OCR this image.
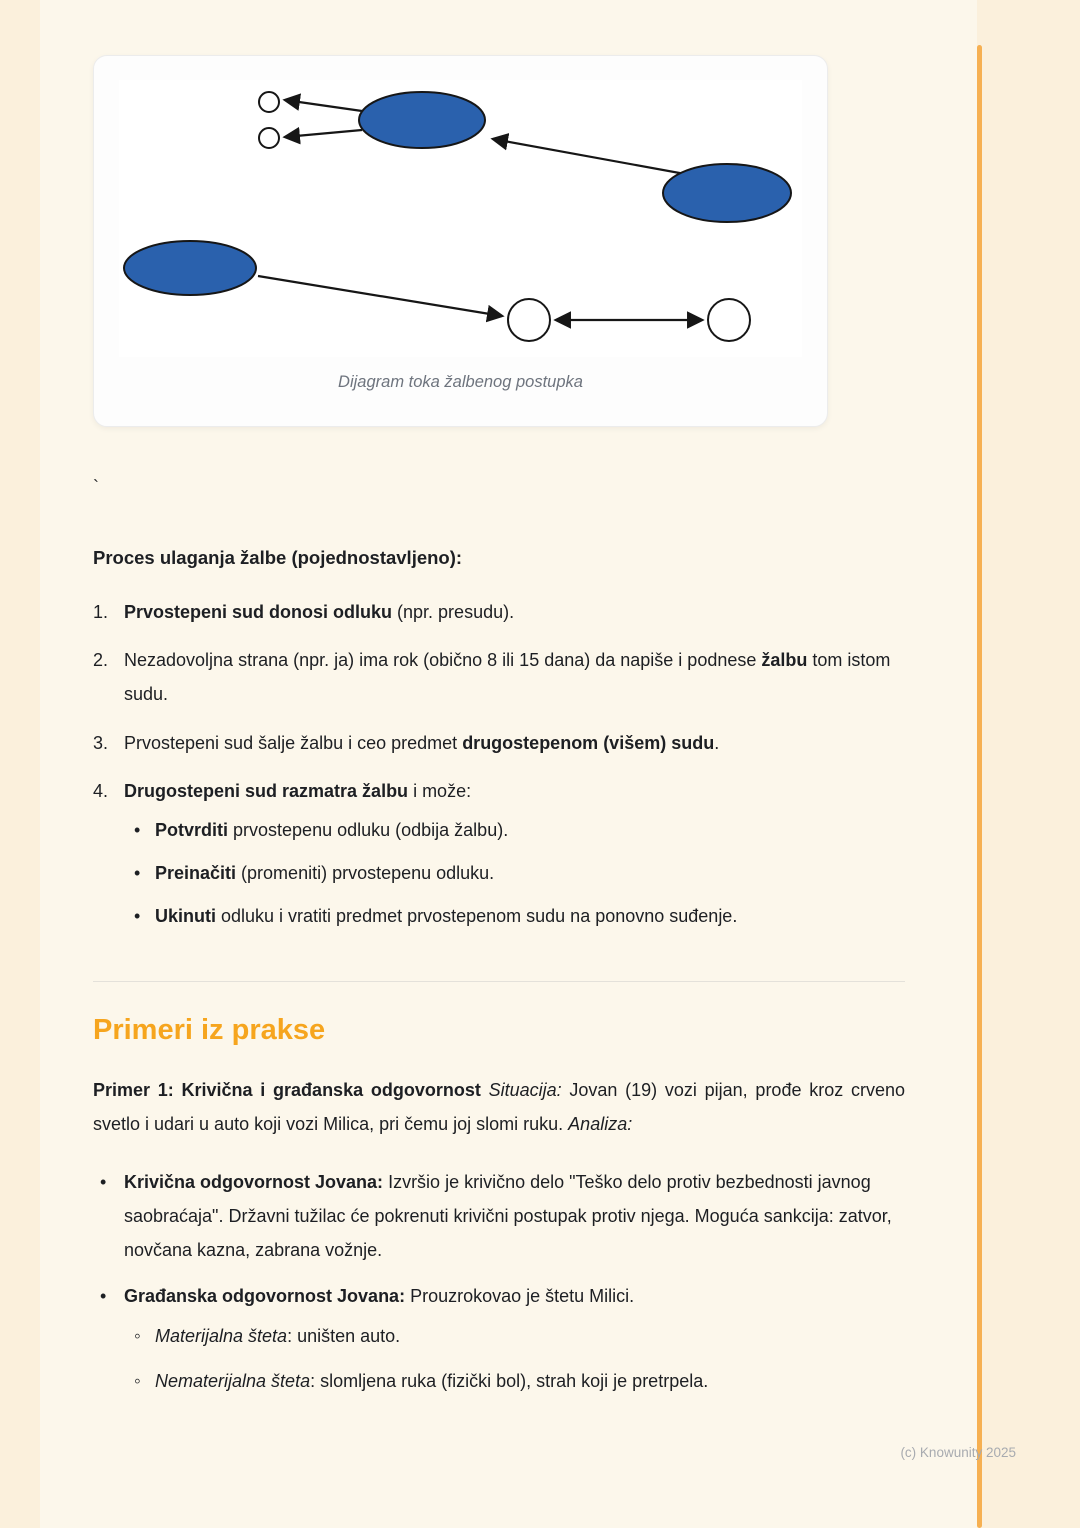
Dijagram toka žalbenog postupka
`

Proces ulaganja žalbe (pojednostavljeno):

1. Prvostepeni sud donosi odluku (npr. presudu).
2. Nezadovoljna strana (npr. ja) ima rok (obično 8 ili 15 dana) da napiše i podnese žalbu tom istom sudu.
3. Prvostepeni sud šalje žalbu i ceo predmet drugostepenom (višem) sudu.
4. Drugostepeni sud razmatra žalbu i može:
• Potvrditi prvostepenu odluku (odbija žalbu).
• Preinačiti (promeniti) prvostepenu odluku.
• Ukinuti odluku i vratiti predmet prvostepenom sudu na ponovno suđenje.
Primeri iz prakse

Primer 1: Krivična i građanska odgovornost Situacija: Jovan (19) vozi pijan, prođe kroz crveno svetlo i udari u auto koji vozi Milica, pri čemu joj slomi ruku. Analiza:

• Krivična odgovornost Jovana: Izvršio je krivično delo "Teško delo protiv bezbednosti javnog saobraćaja". Državni tužilac će pokrenuti krivični postupak protiv njega. Moguća sankcija: zatvor, novčana kazna, zabrana vožnje.
• Građanska odgovornost Jovana: Prouzrokovao je štetu Milici.
◦ Materijalna šteta: uništen auto.
◦ Nematerijalna šteta: slomljena ruka (fizički bol), strah koji je pretrpela.
(c) Knowunity 2025
